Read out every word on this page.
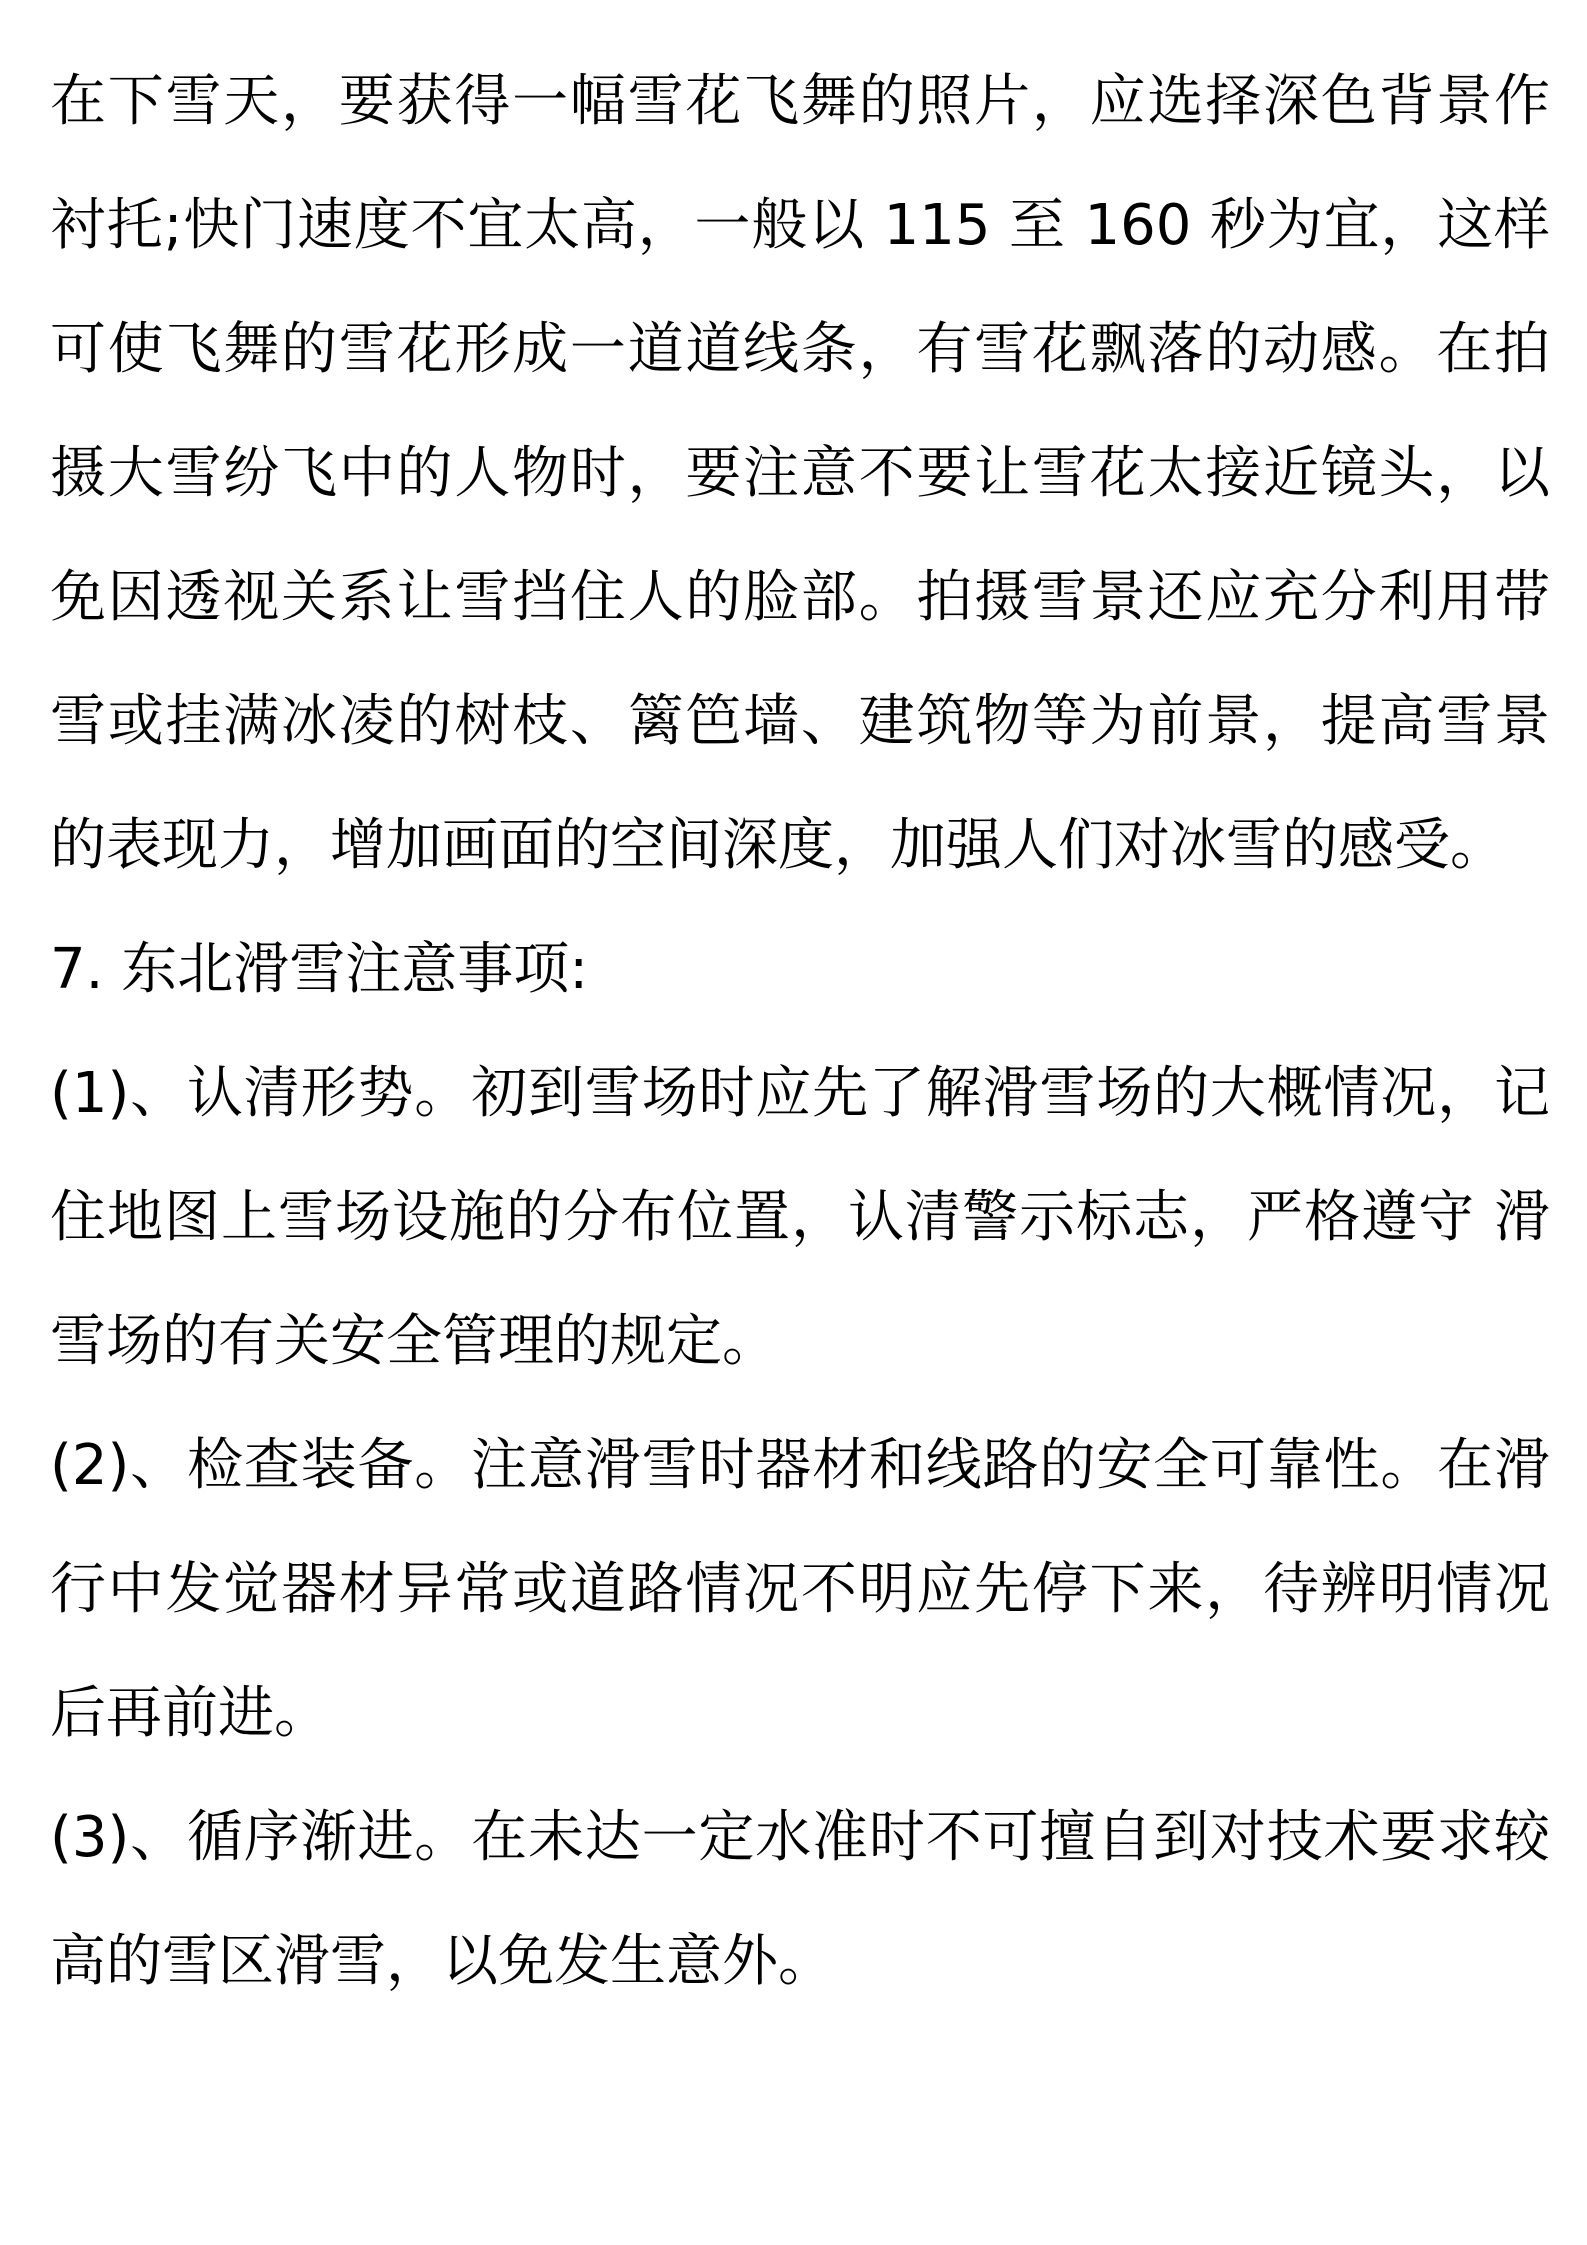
在下雪天，要获得一幅雪花飞舞的照片，应选择深色背景作衬托;快门速度不宜太高，一般以 115 至 160 秒为宜，这样可使飞舞的雪花形成一道道线条，有雪花飘落的动感。在拍摄大雪纷飞中的人物时，要注意不要让雪花太接近镜头，以免因透视关系让雪挡住人的脸部。拍摄雪景还应充分利用带雪或挂满冰凌的树枝、篱笆墙、建筑物等为前景，提高雪景的表现力，增加画面的空间深度，加强人们对冰雪的感受。

7. 东北滑雪注意事项:

(1)、认清形势。初到雪场时应先了解滑雪场的大概情况，记住地图上雪场设施的分布位置，认清警示标志，严格遵守 滑雪场的有关安全管理的规定。

(2)、检查装备。注意滑雪时器材和线路的安全可靠性。在滑行中发觉器材异常或道路情况不明应先停下来，待辨明情况后再前进。

(3)、循序渐进。在未达一定水准时不可擅自到对技术要求较高的雪区滑雪，以免发生意外。
